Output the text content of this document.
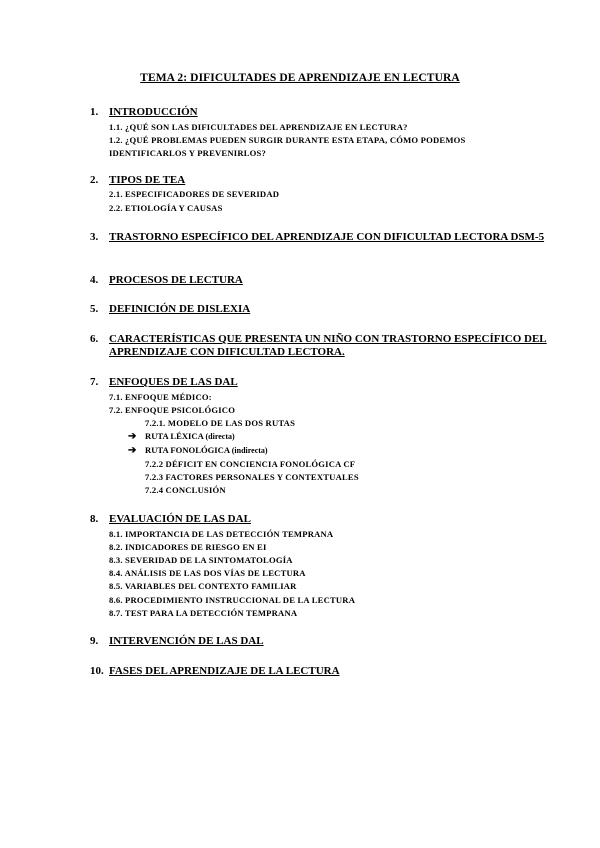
TEMA 2: DIFICULTADES DE APRENDIZAJE EN LECTURA
1. INTRODUCCIÓN
1.1. ¿QUÉ SON LAS DIFICULTADES DEL APRENDIZAJE EN LECTURA?
1.2. ¿QUÉ PROBLEMAS PUEDEN SURGIR DURANTE ESTA ETAPA, CÓMO PODEMOS IDENTIFICARLOS Y PREVENIRLOS?
2. TIPOS DE TEA
2.1. ESPECIFICADORES DE SEVERIDAD
2.2. ETIOLOGÍA Y CAUSAS
3. TRASTORNO ESPECÍFICO DEL APRENDIZAJE CON DIFICULTAD LECTORA DSM-5
4. PROCESOS DE LECTURA
5. DEFINICIÓN DE DISLEXIA
6. CARACTERÍSTICAS QUE PRESENTA UN NIÑO CON TRASTORNO ESPECÍFICO DEL APRENDIZAJE CON DIFICULTAD LECTORA.
7. ENFOQUES DE LAS DAL
7.1. ENFOQUE MÉDICO:
7.2. ENFOQUE PSICOLÓGICO
7.2.1. MODELO DE LAS DOS RUTAS
➔ RUTA LÉXICA (directa)
➔ RUTA FONOLÓGICA (indirecta)
7.2.2 DÉFICIT EN CONCIENCIA FONOLÓGICA CF
7.2.3 FACTORES PERSONALES Y CONTEXTUALES
7.2.4 CONCLUSIÓN
8. EVALUACIÓN DE LAS DAL
8.1. IMPORTANCIA DE LAS DETECCIÓN TEMPRANA
8.2. INDICADORES DE RIESGO EN EI
8.3. SEVERIDAD DE LA SINTOMATOLOGÍA
8.4. ANÁLISIS DE LAS DOS VÍAS DE LECTURA
8.5. VARIABLES DEL CONTEXTO FAMILIAR
8.6. PROCEDIMIENTO INSTRUCCIONAL DE LA LECTURA
8.7. TEST PARA LA DETECCIÓN TEMPRANA
9. INTERVENCIÓN DE LAS DAL
10. FASES DEL APRENDIZAJE DE LA LECTURA
